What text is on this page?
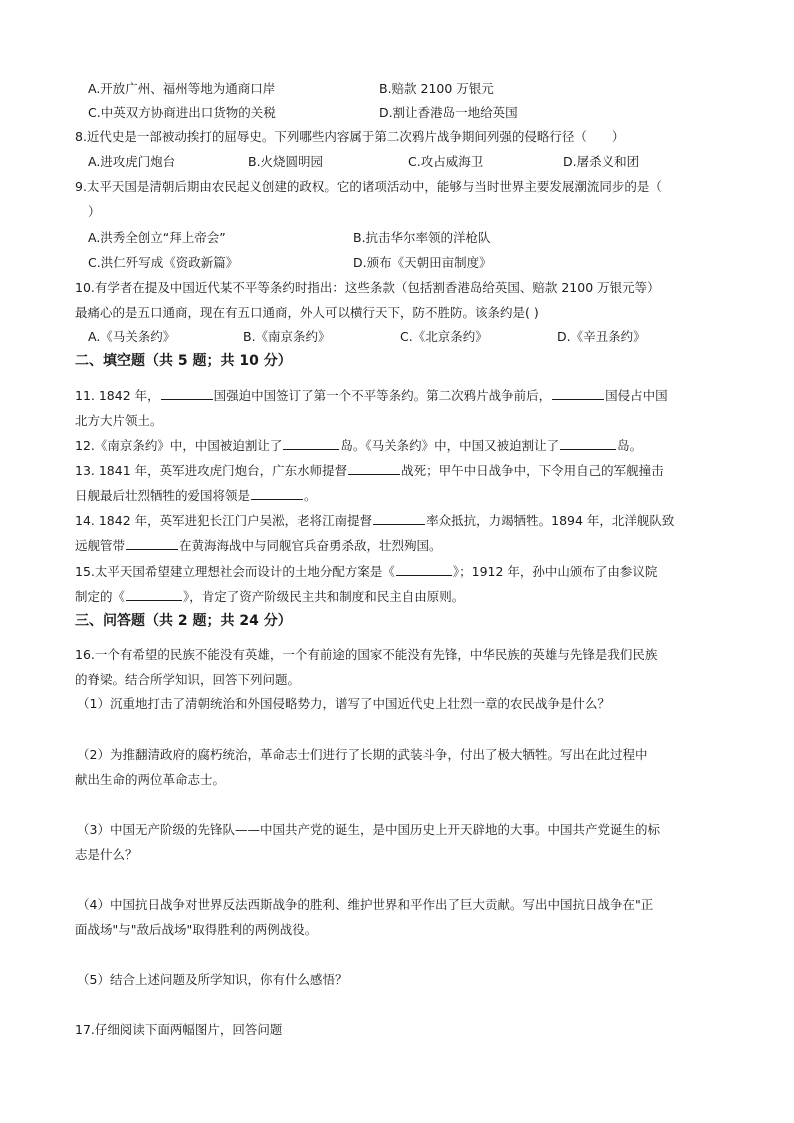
A.开放广州、福州等地为通商口岸	B.赔款 2100 万银元
C.中英双方协商进出口货物的关税	D.割让香港岛一地给英国
8.近代史是一部被动挨打的屈辱史。下列哪些内容属于第二次鸦片战争期间列强的侵略行径（　　）
A.进攻虎门炮台	B.火烧圆明园	C.攻占威海卫	D.屠杀义和团
9.太平天国是清朝后期由农民起义创建的政权。它的诸项活动中，能够与当时世界主要发展潮流同步的是（
）
A.洪秀全创立“拜上帝会”	B.抗击华尔率领的洋枪队
C.洪仁歼写成《资政新篇》	D.颁布《天朝田亩制度》
10.有学者在提及中国近代某不平等条约时指出：这些条款（包括割香港岛给英国、赔款 2100 万银元等）
最痛心的是五口通商，现在有五口通商，外人可以横行天下，防不胜防。该条约是( )
A.《马关条约》	B.《南京条约》	C.《北京条约》	D.《辛丑条约》
二、填空题（共 5 题；共 10 分）
11. 1842 年，	国强迫中国签订了第一个不平等条约。第二次鸦片战争前后，	国侵占中国
北方大片领土。
12.《南京条约》中，中国被迫割让了	岛。《马关条约》中，中国又被迫割让了	岛。
13. 1841 年，英军进攻虎门炮台，广东水师提督	战死；甲午中日战争中，下令用自己的军舰撞击
日舰最后壮烈牺牲的爱国将领是	。
14. 1842 年，英军进犯长江门户吴淞，老将江南提督	率众抵抗，力竭牺牲。1894 年，北洋舰队致
远舰管带	在黄海海战中与同舰官兵奋勇杀敌，壮烈殉国。
15.太平天国希望建立理想社会而设计的土地分配方案是《	》；1912 年，孙中山颁布了由参议院
制定的《	》，肯定了资产阶级民主共和制度和民主自由原则。
三、问答题（共 2 题；共 24 分）
16.一个有希望的民族不能没有英雄，一个有前途的国家不能没有先锋，中华民族的英雄与先锋是我们民族
的脊梁。结合所学知识，回答下列问题。
（1）沉重地打击了清朝统治和外国侵略势力，谱写了中国近代史上壮烈一章的农民战争是什么？
（2）为推翻清政府的腐朽统治，革命志士们进行了长期的武装斗争，付出了极大牺牲。写出在此过程中
献出生命的两位革命志士。
（3）中国无产阶级的先锋队——中国共产党的诞生，是中国历史上开天辟地的大事。中国共产党诞生的标
志是什么？
（4）中国抗日战争对世界反法西斯战争的胜利、维护世界和平作出了巨大贡献。写出中国抗日战争在"正
面战场"与"敌后战场"取得胜利的两例战役。
（5）结合上述问题及所学知识，你有什么感悟？
17.仔细阅读下面两幅图片，回答问题
